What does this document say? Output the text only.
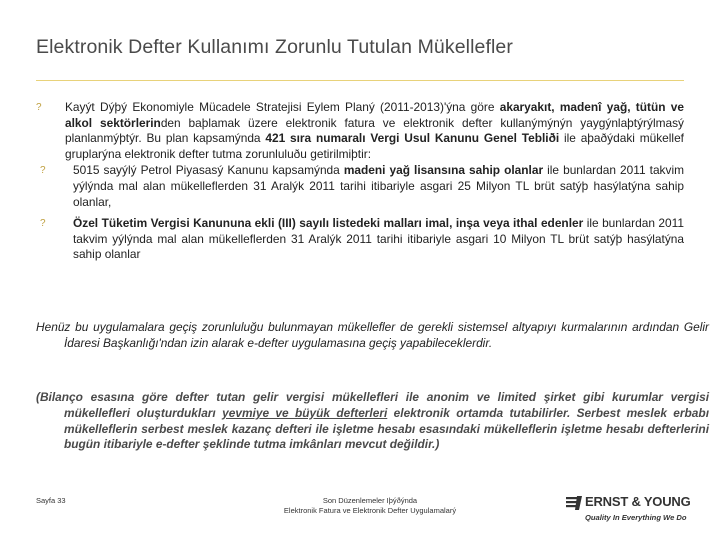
Elektronik Defter Kullanımı Zorunlu Tutulan Mükellefler
? Kayýt Dýþý Ekonomiyle Mücadele Stratejisi Eylem Planý (2011-2013)'ýna göre akaryakıt, madenî yağ, tütün ve alkol sektörlerinden baþlamak üzere elektronik fatura ve elektronik defter kullanýmýnýn yaygýnlaþtýrýlmasý planlanmýþtýr. Bu plan kapsamýnda 421 sıra numaralı Vergi Usul Kanunu Genel Tebliði ile aþaðýdaki mükellef gruplarýna elektronik defter tutma zorunluluðu getirilmiþtir:
? 5015 sayýlý Petrol Piyasasý Kanunu kapsamýnda madeni yağ lisansına sahip olanlar ile bunlardan 2011 takvim yýlýnda mal alan mükelleflerden 31 Aralýk 2011 tarihi itibariyle asgari 25 Milyon TL brüt satýþ hasýlatýna sahip olanlar,
? Özel Tüketim Vergisi Kanununa ekli (III) sayılı listedeki malları imal, inşa veya ithal edenler ile bunlardan 2011 takvim yýlýnda mal alan mükelleflerden 31 Aralýk 2011 tarihi itibariyle asgari 10 Milyon TL brüt satýþ hasýlatýna sahip olanlar
Henüz bu uygulamalara geçiş zorunluluğu bulunmayan mükellefler de gerekli sistemsel altyapıyı kurmalarının ardından Gelir İdaresi Başkanlığı'ndan izin alarak e-defter uygulamasına geçiş yapabileceklerdir.
(Bilanço esasına göre defter tutan gelir vergisi mükellefleri ile anonim ve limited şirket gibi kurumlar vergisi mükellefleri oluşturdukları yevmiye ve büyük defterleri elektronik ortamda tutabilirler. Serbest meslek erbabı mükelleflerin serbest meslek kazanç defteri ile işletme hesabı esasındaki mükelleflerin işletme hesabı defterlerini bugün itibariyle e-defter şeklinde tutma imkânları mevcut değildir.)
Sayfa 33	Son Düzenlemeler Iþýðýnda
Elektronik Fatura ve Elektronik Defter Uygulamalarý
ERNST & YOUNG
Quality In Everything We Do
